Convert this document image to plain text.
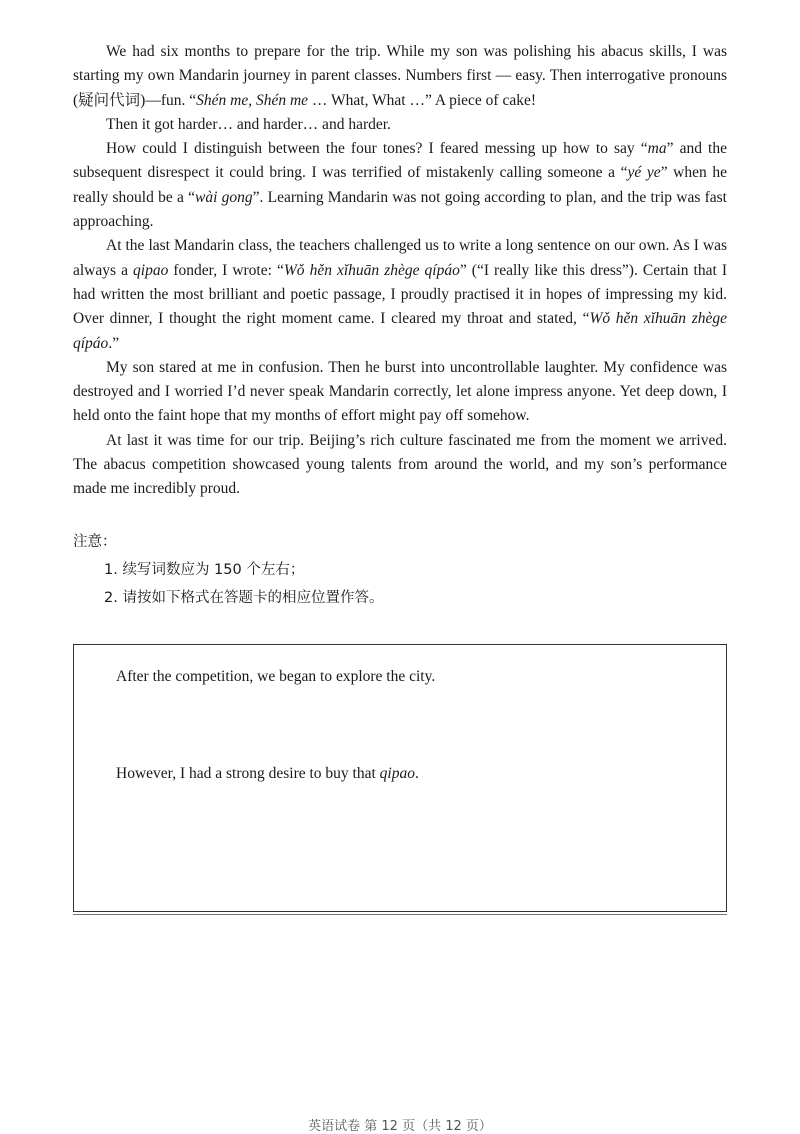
We had six months to prepare for the trip. While my son was polishing his abacus skills, I was starting my own Mandarin journey in parent classes. Numbers first — easy. Then interrogative pronouns (疑问代词)—fun. “Shén me, Shén me … What, What …” A piece of cake!

Then it got harder… and harder… and harder.

How could I distinguish between the four tones? I feared messing up how to say “ma” and the subsequent disrespect it could bring. I was terrified of mistakenly calling someone a “yé ye” when he really should be a “wài gong”. Learning Mandarin was not going according to plan, and the trip was fast approaching.

At the last Mandarin class, the teachers challenged us to write a long sentence on our own. As I was always a qipao fonder, I wrote: “Wǒ hěn xǐhuān zhège qípáo” (“I really like this dress”). Certain that I had written the most brilliant and poetic passage, I proudly practised it in hopes of impressing my kid. Over dinner, I thought the right moment came. I cleared my throat and stated, “Wǒ hěn xǐhuān zhège qípáo.”

My son stared at me in confusion. Then he burst into uncontrollable laughter. My confidence was destroyed and I worried I’d never speak Mandarin correctly, let alone impress anyone. Yet deep down, I held onto the faint hope that my months of effort might pay off somehow.

At last it was time for our trip. Beijing’s rich culture fascinated me from the moment we arrived. The abacus competition showcased young talents from around the world, and my son’s performance made me incredibly proud.

注意：
1. 续写词数应为 150 个左右；
2. 请按如下格式在答题卡的相应位置作答。

After the competition, we began to explore the city.

However, I had a strong desire to buy that qipao.

英语试卷 第 12 页（共 12 页）
